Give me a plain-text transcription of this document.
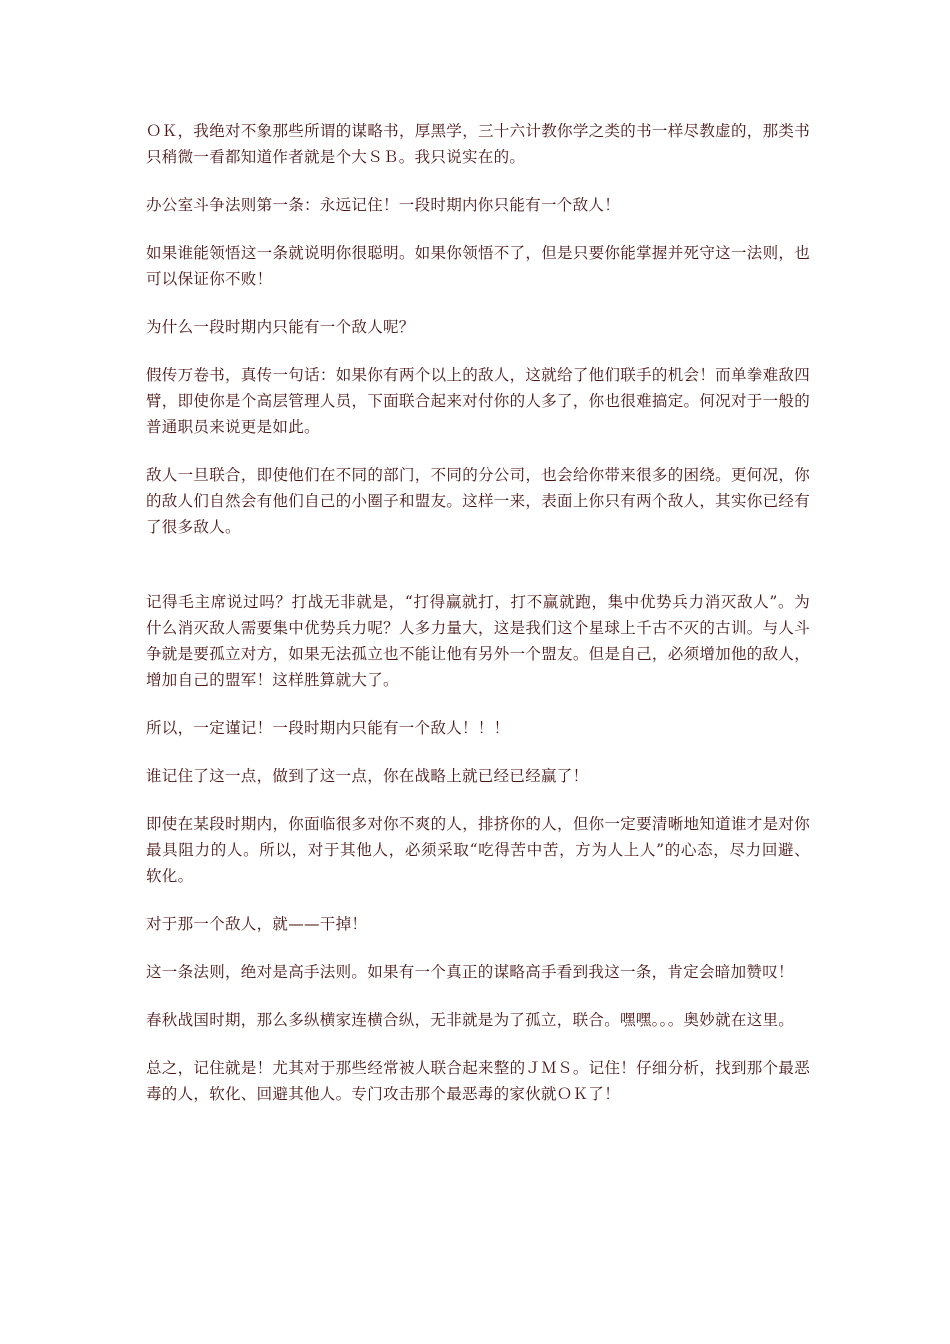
ＯＫ，我绝对不象那些所谓的谋略书，厚黑学，三十六计教你学之类的书一样尽教虚的，那类书只稍微一看都知道作者就是个大ＳＢ。我只说实在的。

办公室斗争法则第一条：永远记住！一段时期内你只能有一个敌人！

如果谁能领悟这一条就说明你很聪明。如果你领悟不了，但是只要你能掌握并死守这一法则，也可以保证你不败！

为什么一段时期内只能有一个敌人呢？

假传万卷书，真传一句话：如果你有两个以上的敌人，这就给了他们联手的机会！而单拳难敌四臂，即使你是个高层管理人员，下面联合起来对付你的人多了，你也很难搞定。何况对于一般的普通职员来说更是如此。

敌人一旦联合，即使他们在不同的部门，不同的分公司，也会给你带来很多的困绕。更何况，你的敌人们自然会有他们自己的小圈子和盟友。这样一来，表面上你只有两个敌人，其实你已经有了很多敌人。

记得毛主席说过吗？打战无非就是，“打得赢就打，打不赢就跑，集中优势兵力消灭敌人”。为什么消灭敌人需要集中优势兵力呢？人多力量大，这是我们这个星球上千古不灭的古训。与人斗争就是要孤立对方，如果无法孤立也不能让他有另外一个盟友。但是自己，必须增加他的敌人，增加自己的盟军！这样胜算就大了。

所以，一定谨记！一段时期内只能有一个敌人！！！

谁记住了这一点，做到了这一点，你在战略上就已经已经赢了！

即使在某段时期内，你面临很多对你不爽的人，排挤你的人，但你一定要清晰地知道谁才是对你最具阻力的人。所以，对于其他人，必须采取“吃得苦中苦，方为人上人”的心态，尽力回避、软化。

对于那一个敌人，就——干掉！

这一条法则，绝对是高手法则。如果有一个真正的谋略高手看到我这一条，肯定会暗加赞叹！

春秋战国时期，那么多纵横家连横合纵，无非就是为了孤立，联合。嘿嘿。。。奥妙就在这里。

总之，记住就是！尤其对于那些经常被人联合起来整的ＪＭＳ。记住！仔细分析，找到那个最恶毒的人，软化、回避其他人。专门攻击那个最恶毒的家伙就ＯＫ了！
